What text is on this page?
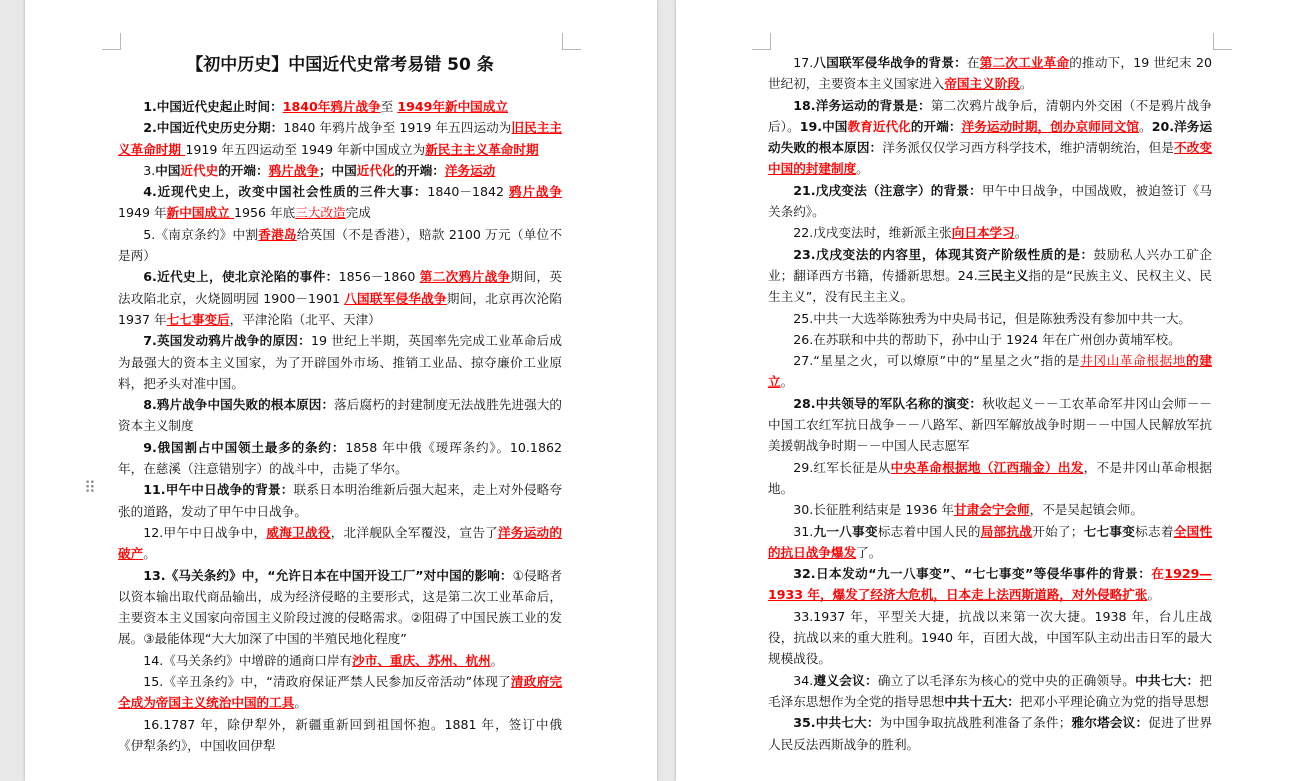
【初中历史】中国近代史常考易错 50 条

1.中国近代史起止时间：1840年鸦片战争至 1949年新中国成立

2.中国近代史历史分期：1840 年鸦片战争至 1919 年五四运动为旧民主主义革命时期 1919 年五四运动至 1949 年新中国成立为新民主主义革命时期

3.中国近代史的开端：鸦片战争；中国近代化的开端：洋务运动

4.近现代史上，改变中国社会性质的三件大事：1840－1842 鸦片战争 1949 年新中国成立 1956 年底三大改造完成

5.《南京条约》中割香港岛给英国（不是香港），赔款 2100 万元（单位不是两）

6.近代史上，使北京沦陷的事件：1856－1860 第二次鸦片战争期间，英法攻陷北京，火烧圆明园 1900－1901 八国联军侵华战争期间，北京再次沦陷 1937 年七七事变后，平津沦陷（北平、天津）

7.英国发动鸦片战争的原因：19 世纪上半期，英国率先完成工业革命后成为最强大的资本主义国家，为了开辟国外市场、推销工业品、掠夺廉价工业原料，把矛头对准中国。

8.鸦片战争中国失败的根本原因：落后腐朽的封建制度无法战胜先进强大的资本主义制度

9.俄国割占中国领土最多的条约：1858 年中俄《瑷珲条约》。10.1862 年，在慈溪（注意错别字）的战斗中，击毙了华尔。

11.甲午中日战争的背景：联系日本明治维新后强大起来，走上对外侵略夸张的道路，发动了甲午中日战争。

12.甲午中日战争中，威海卫战役，北洋舰队全军覆没，宣告了洋务运动的破产。

13.《马关条约》中，“允许日本在中国开设工厂”对中国的影响：①侵略者以资本输出取代商品输出，成为经济侵略的主要形式，这是第二次工业革命后，主要资本主义国家向帝国主义阶段过渡的侵略需求。②阻碍了中国民族工业的发展。③最能体现“大大加深了中国的半殖民地化程度”

14.《马关条约》中增辟的通商口岸有沙市、重庆、苏州、杭州。

15.《辛丑条约》中，“清政府保证严禁人民参加反帝活动”体现了清政府完全成为帝国主义统治中国的工具。

16.1787 年，除伊犁外，新疆重新回到祖国怀抱。1881 年，签订中俄《伊犁条约》，中国收回伊犁

⠿

17.八国联军侵华战争的背景：在第二次工业革命的推动下，19 世纪末 20 世纪初，主要资本主义国家进入帝国主义阶段。

18.洋务运动的背景是：第二次鸦片战争后，清朝内外交困（不是鸦片战争后）。19.中国教育近代化的开端：洋务运动时期，创办京师同文馆。20.洋务运动失败的根本原因：洋务派仅仅学习西方科学技术，维护清朝统治，但是不改变中国的封建制度。

21.戊戌变法（注意字）的背景：甲午中日战争，中国战败，被迫签订《马关条约》。

22.戊戌变法时，维新派主张向日本学习。

23.戊戌变法的内容里，体现其资产阶级性质的是：鼓励私人兴办工矿企业；翻译西方书籍，传播新思想。24.三民主义指的是“民族主义、民权主义、民生主义”，没有民主主义。

25.中共一大选举陈独秀为中央局书记，但是陈独秀没有参加中共一大。

26.在苏联和中共的帮助下，孙中山于 1924 年在广州创办黄埔军校。

27.“星星之火，可以燎原”中的“星星之火”指的是井冈山革命根据地的建立。

28.中共领导的军队名称的演变：秋收起义－－工农革命军井冈山会师－－中国工农红军抗日战争－－八路军、新四军解放战争时期－－中国人民解放军抗美援朝战争时期－－中国人民志愿军

29.红军长征是从中央革命根据地（江西瑞金）出发，不是井冈山革命根据地。

30.长征胜利结束是 1936 年甘肃会宁会师，不是吴起镇会师。

31.九一八事变标志着中国人民的局部抗战开始了；七七事变标志着全国性的抗日战争爆发了。

32.日本发动“九一八事变”、“七七事变”等侵华事件的背景：在1929—1933 年，爆发了经济大危机，日本走上法西斯道路，对外侵略扩张。

33.1937 年，平型关大捷，抗战以来第一次大捷。1938 年，台儿庄战役，抗战以来的重大胜利。1940 年，百团大战，中国军队主动出击日军的最大规模战役。

34.遵义会议：确立了以毛泽东为核心的党中央的正确领导。中共七大：把毛泽东思想作为全党的指导思想中共十五大：把邓小平理论确立为党的指导思想

35.中共七大：为中国争取抗战胜利准备了条件；雅尔塔会议：促进了世界人民反法西斯战争的胜利。
